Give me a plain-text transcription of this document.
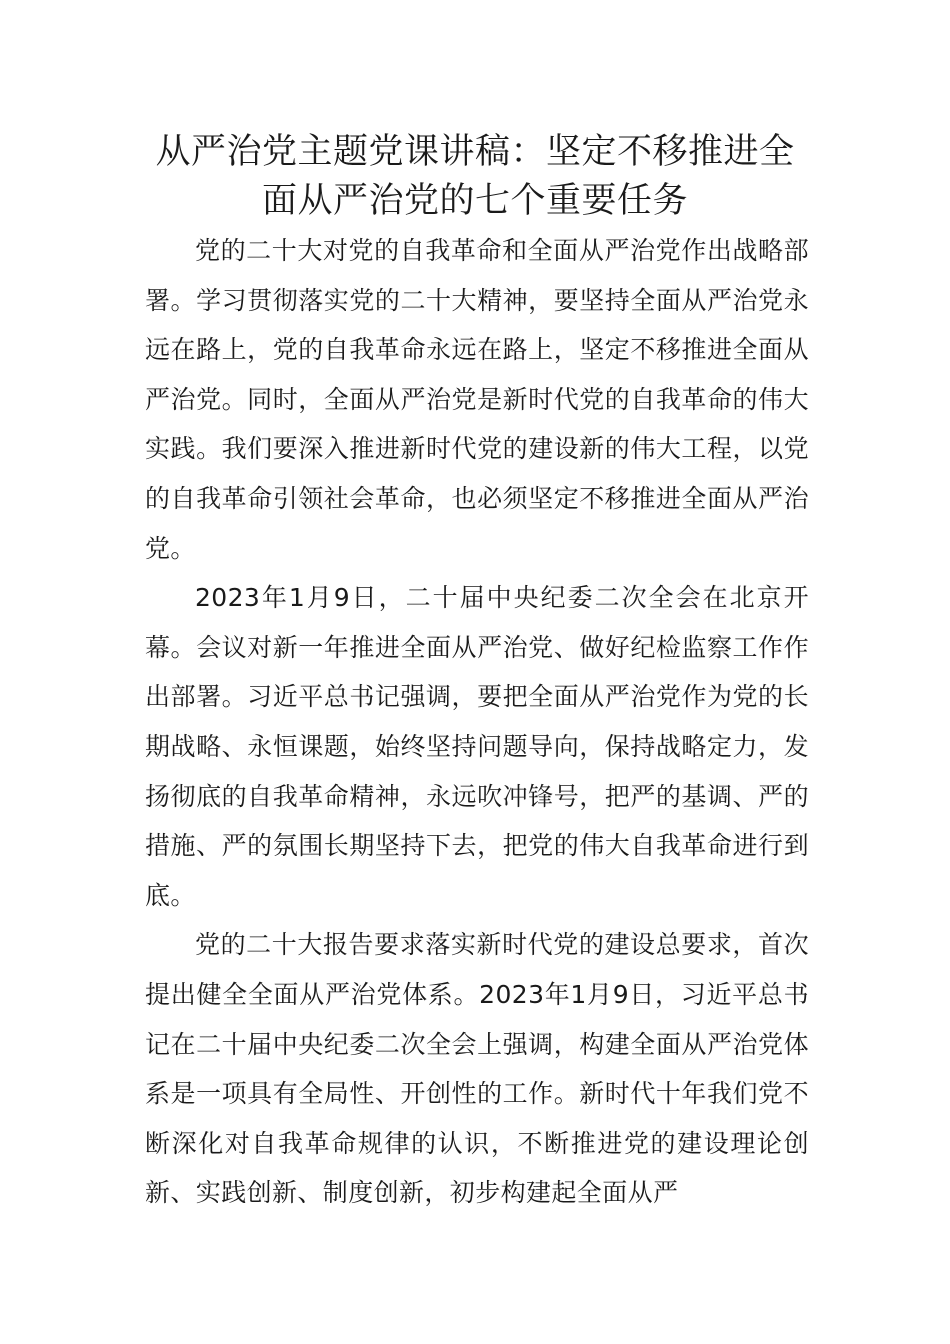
从严治党主题党课讲稿：坚定不移推进全
面从严治党的七个重要任务

党的二十大对党的自我革命和全面从严治党作出战略部署。学习贯彻落实党的二十大精神，要坚持全面从严治党永远在路上，党的自我革命永远在路上，坚定不移推进全面从严治党。同时，全面从严治党是新时代党的自我革命的伟大实践。我们要深入推进新时代党的建设新的伟大工程，以党的自我革命引领社会革命，也必须坚定不移推进全面从严治党。

2023年1月9日，二十届中央纪委二次全会在北京开幕。会议对新一年推进全面从严治党、做好纪检监察工作作出部署。习近平总书记强调，要把全面从严治党作为党的长期战略、永恒课题，始终坚持问题导向，保持战略定力，发扬彻底的自我革命精神，永远吹冲锋号，把严的基调、严的措施、严的氛围长期坚持下去，把党的伟大自我革命进行到底。

党的二十大报告要求落实新时代党的建设总要求，首次提出健全全面从严治党体系。2023年1月9日，习近平总书记在二十届中央纪委二次全会上强调，构建全面从严治党体系是一项具有全局性、开创性的工作。新时代十年我们党不断深化对自我革命规律的认识，不断推进党的建设理论创新、实践创新、制度创新，初步构建起全面从严
